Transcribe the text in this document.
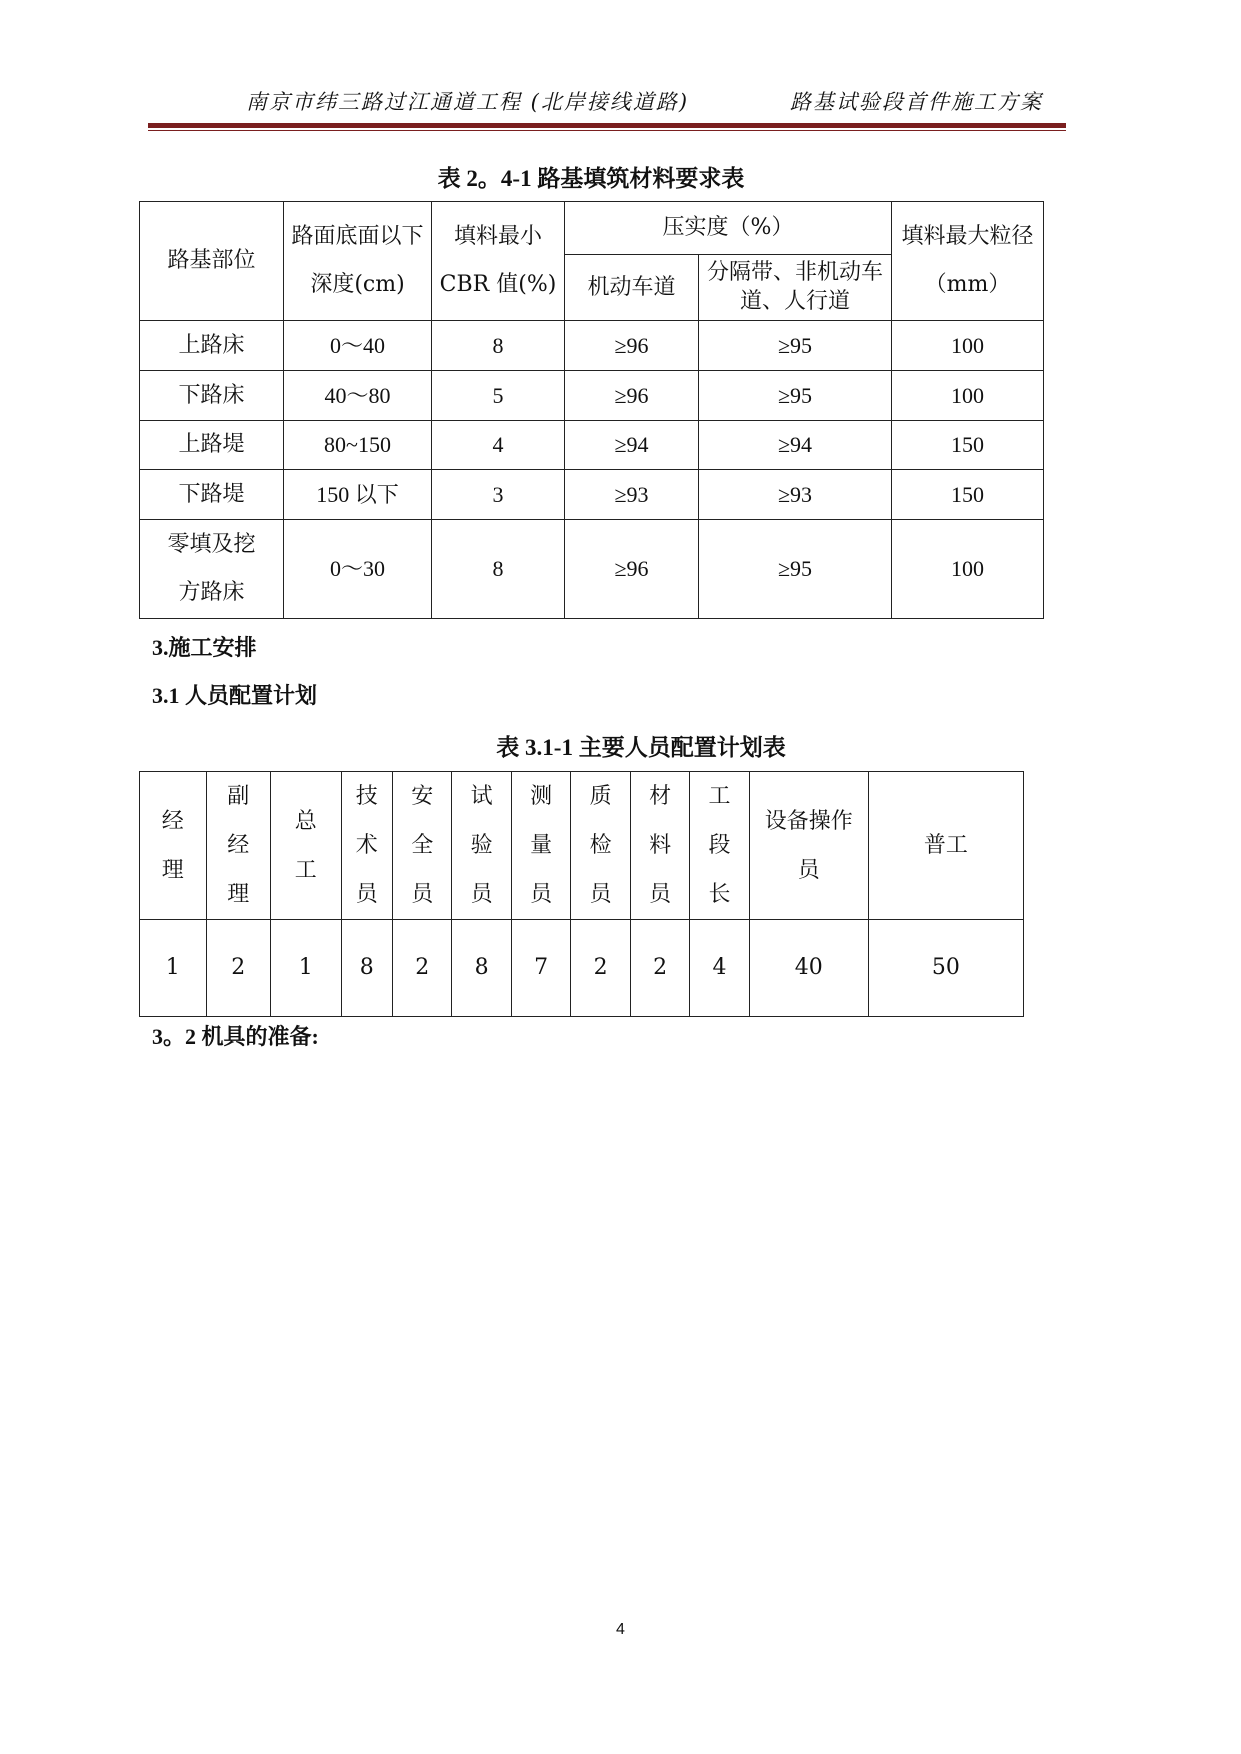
南京市纬三路过江通道工程 (北岸接线道路)	路基试验段首件施工方案
表 2。4-1 路基填筑材料要求表
路基部位	路面底面以下深度(cm)	填料最小 CBR 值(%)	压实度（%）		填料最大粒径（mm）
			机动车道	分隔带、非机动车道、人行道	
上路床	0～40	8	≥96	≥95	100
下路床	40～80	5	≥96	≥95	100
上路堤	80~150	4	≥94	≥94	150
下路堤	150 以下	3	≥93	≥93	150
零填及挖方路床	0～30	8	≥96	≥95	100
3.施工安排
3.1 人员配置计划
表 3.1-1 主要人员配置计划表
经理	副经理	总工	技术员	安全员	试验员	测量员	质检员	材料员	工段长	设备操作员	普工
1	2	1	8	2	8	7	2	2	4	40	50
3。2 机具的准备:
4
